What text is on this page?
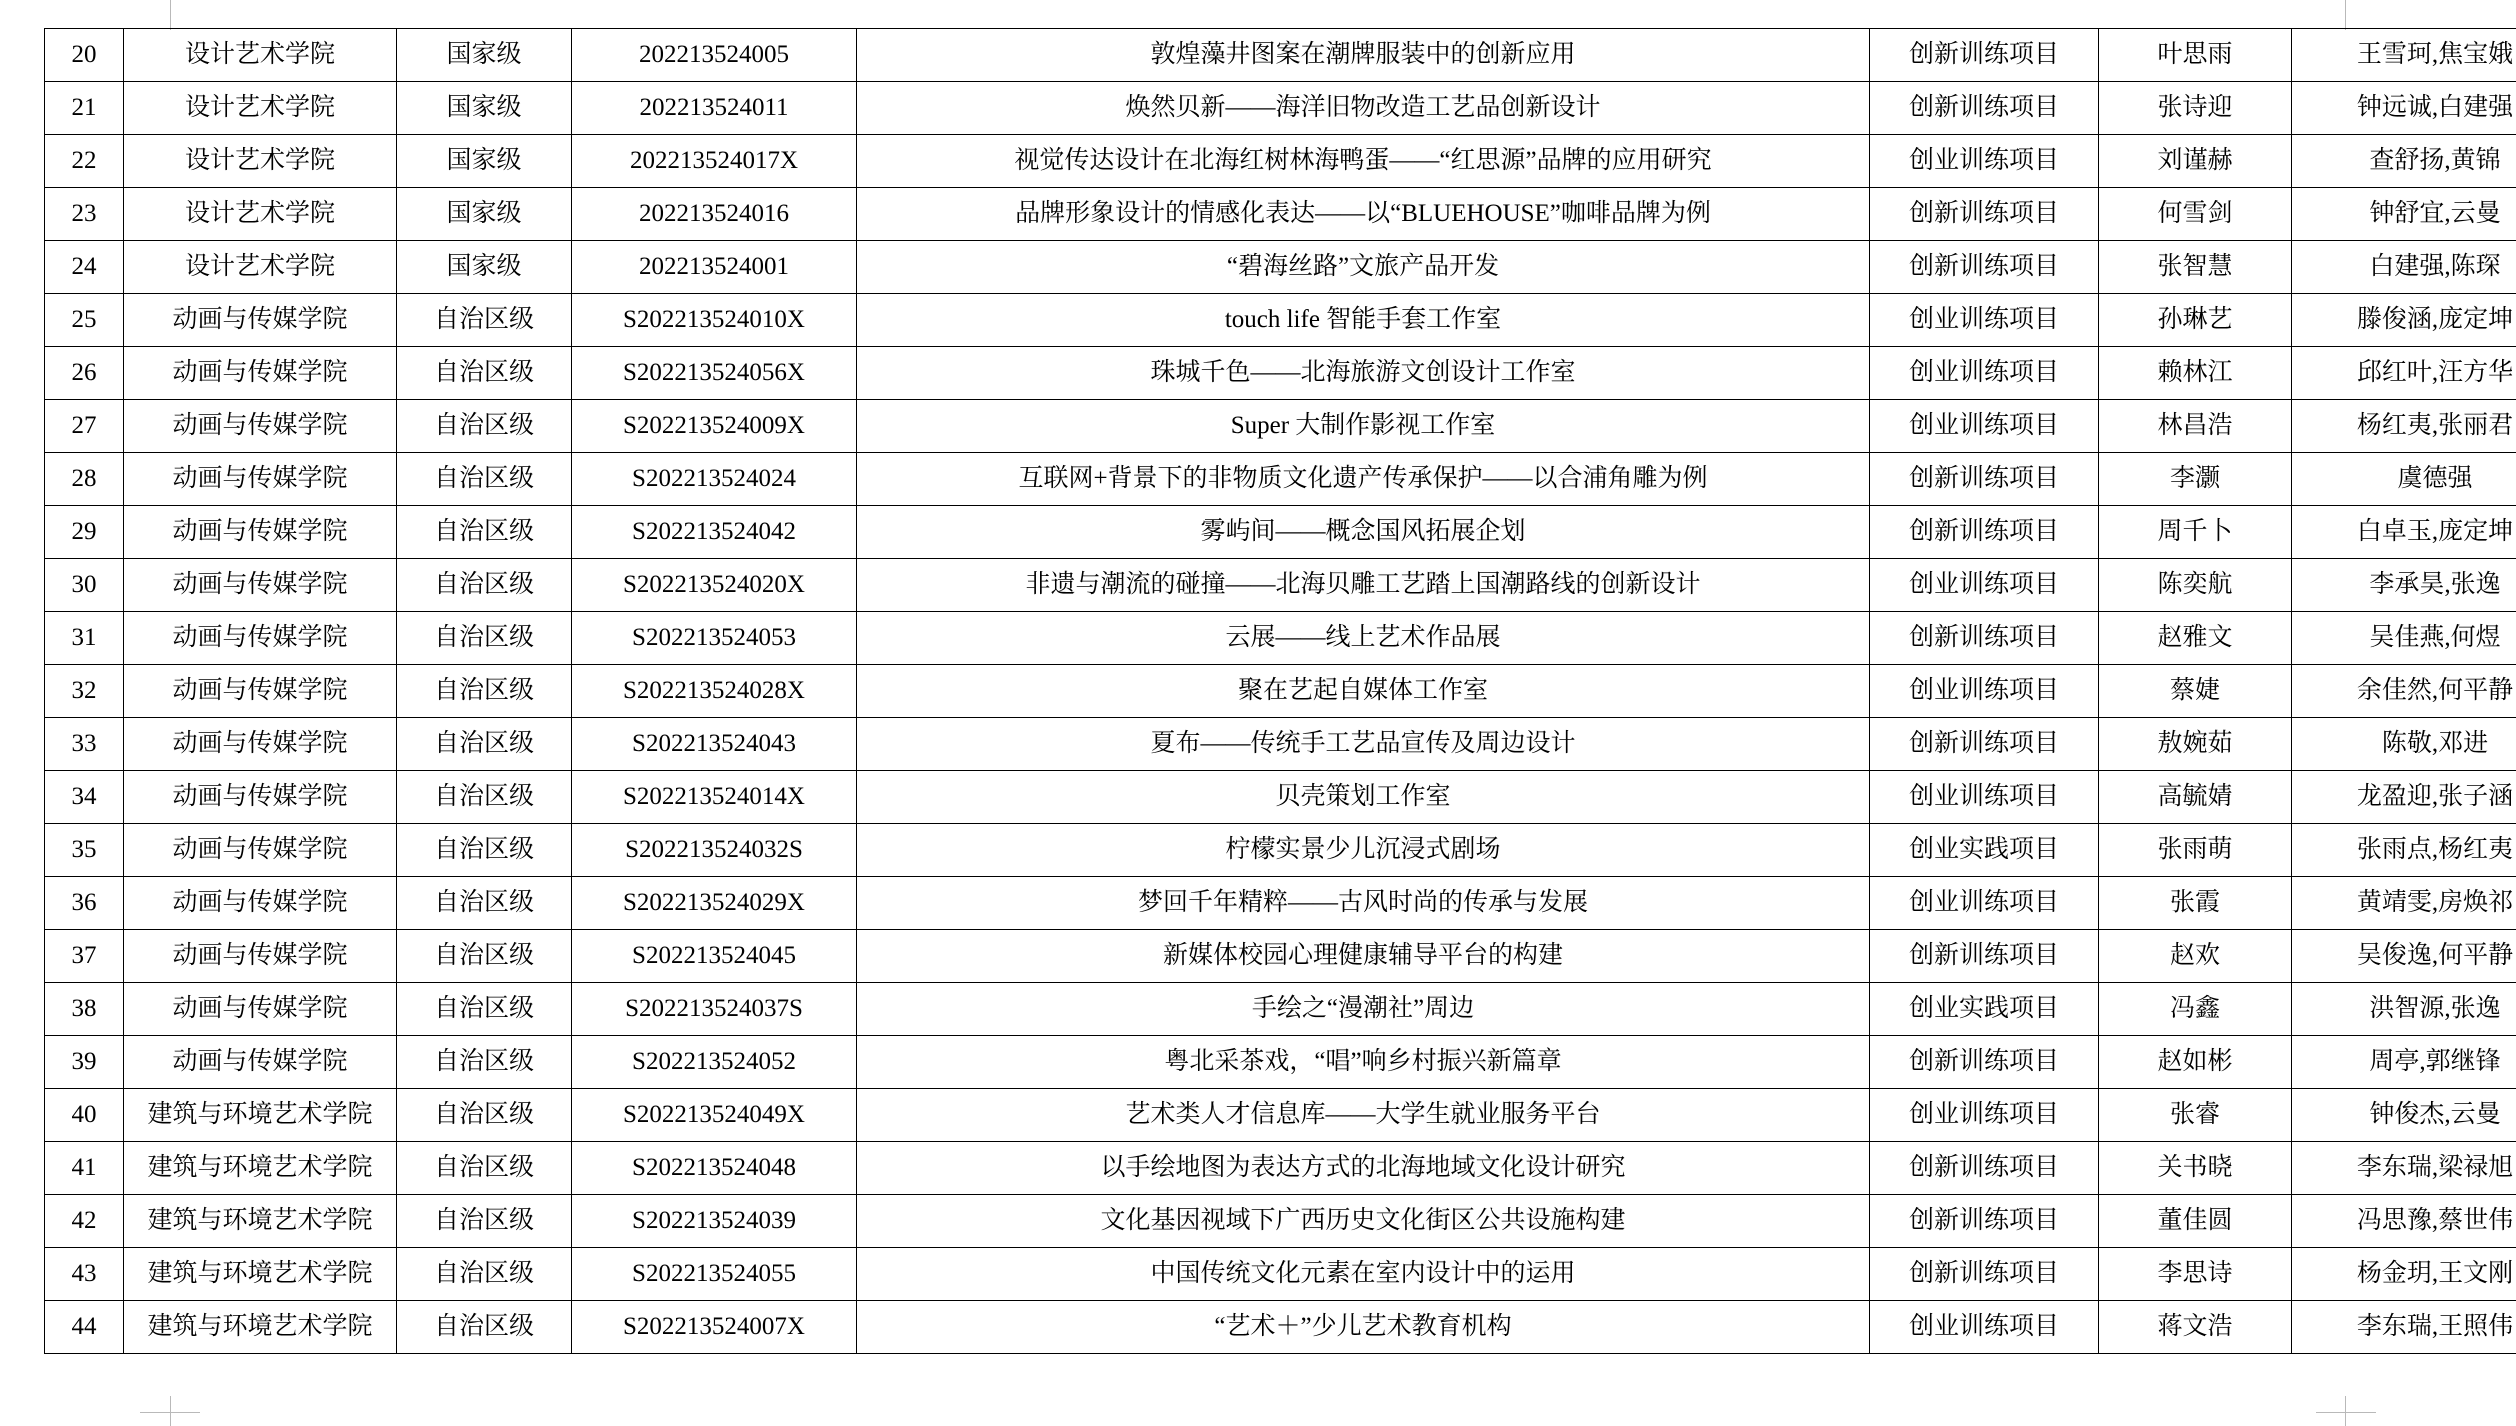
20	设计艺术学院	国家级	202213524005	敦煌藻井图案在潮牌服装中的创新应用	创新训练项目	叶思雨	王雪珂,焦宝娥
21	设计艺术学院	国家级	202213524011	焕然贝新——海洋旧物改造工艺品创新设计	创新训练项目	张诗迎	钟远诚,白建强
22	设计艺术学院	国家级	202213524017X	视觉传达设计在北海红树林海鸭蛋——“红思源”品牌的应用研究	创业训练项目	刘谨赫	查舒扬,黄锦
23	设计艺术学院	国家级	202213524016	品牌形象设计的情感化表达——以“BLUEHOUSE”咖啡品牌为例	创新训练项目	何雪剑	钟舒宜,云曼
24	设计艺术学院	国家级	202213524001	“碧海丝路”文旅产品开发	创新训练项目	张智慧	白建强,陈琛
25	动画与传媒学院	自治区级	S202213524010X	touch life 智能手套工作室	创业训练项目	孙琳艺	滕俊涵,庞定坤
26	动画与传媒学院	自治区级	S202213524056X	珠城千色——北海旅游文创设计工作室	创业训练项目	赖林江	邱红叶,汪方华
27	动画与传媒学院	自治区级	S202213524009X	Super 大制作影视工作室	创业训练项目	林昌浩	杨红夷,张丽君
28	动画与传媒学院	自治区级	S202213524024	互联网+背景下的非物质文化遗产传承保护——以合浦角雕为例	创新训练项目	李灏	虞德强
29	动画与传媒学院	自治区级	S202213524042	雾屿间——概念国风拓展企划	创新训练项目	周千卜	白卓玉,庞定坤
30	动画与传媒学院	自治区级	S202213524020X	非遗与潮流的碰撞——北海贝雕工艺踏上国潮路线的创新设计	创业训练项目	陈奕航	李承昊,张逸
31	动画与传媒学院	自治区级	S202213524053	云展——线上艺术作品展	创新训练项目	赵雅文	吴佳燕,何煜
32	动画与传媒学院	自治区级	S202213524028X	聚在艺起自媒体工作室	创业训练项目	蔡婕	余佳然,何平静
33	动画与传媒学院	自治区级	S202213524043	夏布——传统手工艺品宣传及周边设计	创新训练项目	敖婉茹	陈敬,邓进
34	动画与传媒学院	自治区级	S202213524014X	贝壳策划工作室	创业训练项目	高毓婧	龙盈迎,张子涵
35	动画与传媒学院	自治区级	S202213524032S	柠檬实景少儿沉浸式剧场	创业实践项目	张雨萌	张雨点,杨红夷
36	动画与传媒学院	自治区级	S202213524029X	梦回千年精粹——古风时尚的传承与发展	创业训练项目	张霞	黄靖雯,房焕祁
37	动画与传媒学院	自治区级	S202213524045	新媒体校园心理健康辅导平台的构建	创新训练项目	赵欢	吴俊逸,何平静
38	动画与传媒学院	自治区级	S202213524037S	手绘之“漫潮社”周边	创业实践项目	冯鑫	洪智源,张逸
39	动画与传媒学院	自治区级	S202213524052	粤北采茶戏，“唱”响乡村振兴新篇章	创新训练项目	赵如彬	周亭,郭继锋
40	建筑与环境艺术学院	自治区级	S202213524049X	艺术类人才信息库——大学生就业服务平台	创业训练项目	张睿	钟俊杰,云曼
41	建筑与环境艺术学院	自治区级	S202213524048	以手绘地图为表达方式的北海地域文化设计研究	创新训练项目	关书晓	李东瑞,梁禄旭
42	建筑与环境艺术学院	自治区级	S202213524039	文化基因视域下广西历史文化街区公共设施构建	创新训练项目	董佳圆	冯思豫,蔡世伟
43	建筑与环境艺术学院	自治区级	S202213524055	中国传统文化元素在室内设计中的运用	创新训练项目	李思诗	杨金玥,王文刚
44	建筑与环境艺术学院	自治区级	S202213524007X	“艺术＋”少儿艺术教育机构	创业训练项目	蒋文浩	李东瑞,王照伟
